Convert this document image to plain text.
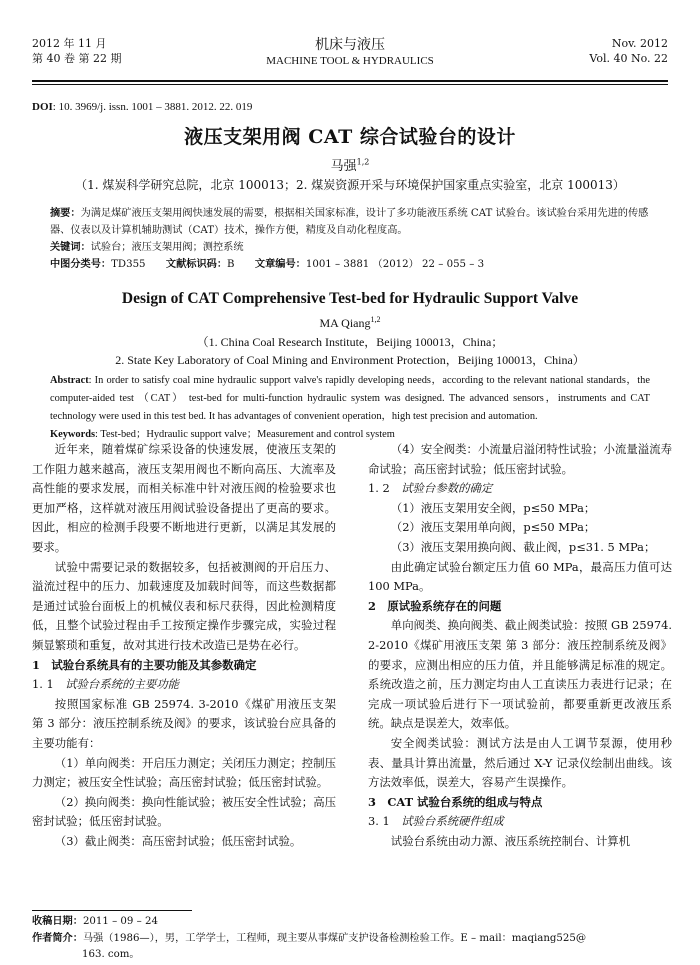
2012 年 11 月
第 40 卷 第 22 期
机床与液压
MACHINE TOOL & HYDRAULICS
Nov. 2012
Vol. 40 No. 22
DOI: 10. 3969/j. issn. 1001 – 3881. 2012. 22. 019
液压支架用阀 CAT 综合试验台的设计
马强$^{1,2}$
（1. 煤炭科学研究总院，北京 100013；2. 煤炭资源开采与环境保护国家重点实验室，北京 100013）

摘要：为满足煤矿液压支架用阀快速发展的需要，根据相关国家标准，设计了多功能液压系统 CAT 试验台。该试验台采用先进的传感器、仪表以及计算机辅助测试（CAT）技术，操作方便，精度及自动化程度高。

关键词：试验台；液压支架用阀；测控系统

中图分类号：TD355　　 文献标识码：B　　 文章编号：1001 – 3881 （2012） 22 – 055 – 3

Design of CAT Comprehensive Test-bed for Hydraulic Support Valve
MA Qiang$^{1,2}$
（1. China Coal Research Institute，Beijing 100013，China；
2. State Key Laboratory of Coal Mining and Environment Protection，Beijing 100013，China）

Abstract: In order to satisfy coal mine hydraulic support valve's rapidly developing needs，according to the relevant national standards，the computer-aided test （CAT） test-bed for multi-function hydraulic system was designed. The advanced sensors，instruments and CAT technology were used in this test bed. It has advantages of convenient operation，high test precision and automation.

Keywords: Test-bed；Hydraulic support valve；Measurement and control system

近年来，随着煤矿综采设备的快速发展，使液压支架的工作阻力越来越高，液压支架用阀也不断向高压、大流率及高性能的要求发展，而相关标准中针对液压阀的检验要求也更加严格，这样就对液压用阀试验设备提出了更高的要求。因此，相应的检测手段要不断地进行更新，以满足其发展的要求。

试验中需要记录的数据较多，包括被测阀的开启压力、溢流过程中的压力、加载速度及加载时间等，而这些数据都是通过试验台面板上的机械仪表和标尺获得，因此检测精度低，且整个试验过程由手工按预定操作步骤完成，实验过程频显繁琐和重复，故对其进行技术改造已是势在必行。

1　试验台系统具有的主要功能及其参数确定

1. 1　试验台系统的主要功能

按照国家标准 GB 25974. 3-2010《煤矿用液压支架 第 3 部分：液压控制系统及阀》的要求，该试验台应具备的主要功能有：

（1）单向阀类：开启压力测定；关闭压力测定；控制压力测定；被压安全性试验；高压密封试验；低压密封试验。

（2）换向阀类：换向性能试验；被压安全性试验；高压密封试验；低压密封试验。

（3）截止阀类：高压密封试验；低压密封试验。

（4）安全阀类：小流量启溢闭特性试验；小流量溢流寿命试验；高压密封试验；低压密封试验。

1. 2　试验台参数的确定

（1）液压支架用安全阀，p≤50 MPa；

（2）液压支架用单向阀，p≤50 MPa；

（3）液压支架用换向阀、截止阀，p≤31. 5 MPa；

由此确定试验台额定压力值 60 MPa，最高压力值可达 100 MPa。

2　原试验系统存在的问题

单向阀类、换向阀类、截止阀类试验：按照 GB 25974. 2-2010《煤矿用液压支架 第 3 部分：液压控制系统及阀》的要求，应测出相应的压力值，并且能够满足标准的规定。系统改造之前，压力测定均由人工直读压力表进行记录；在完成一项试验后进行下一项试验前，都要重新更改液压系统。缺点是误差大，效率低。

安全阀类试验：测试方法是由人工调节泵源，使用秒表、量具计算出流量，然后通过 X-Y 记录仪绘制出曲线。该方法效率低，误差大，容易产生误操作。

3　CAT 试验台系统的组成与特点

3. 1　试验台系统硬件组成

试验台系统由动力源、液压系统控制台、计算机

收稿日期：2011 – 09 – 24

作者简介：马强（1986—），男，工学学士，工程师，现主要从事煤矿支护设备检测检验工作。E – mail：maqiang525@

163. com。
